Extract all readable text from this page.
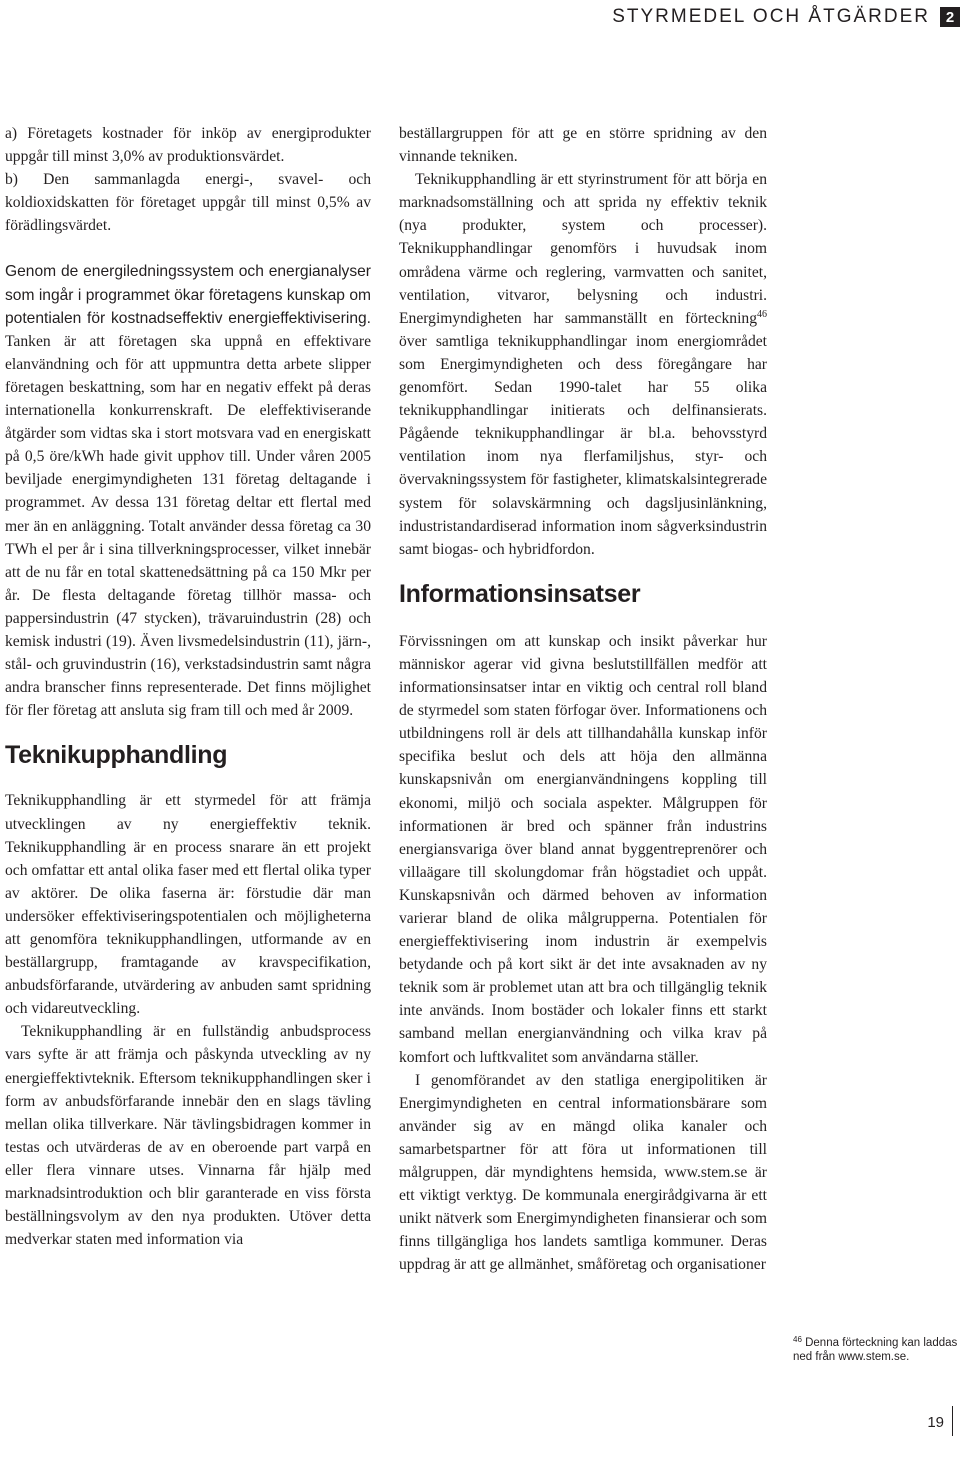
STYRMEDEL OCH ÅTGÄRDER	2

a) Företagets kostnader för inköp av energiprodukter uppgår till minst 3,0% av produktionsvärdet.

b) Den sammanlagda energi-, svavel- och koldioxidskatten för företaget uppgår till minst 0,5% av förädlingsvärdet.

Genom de energiledningssystem och energianalyser som ingår i programmet ökar företagens kunskap om potentialen för kostnadseffektiv energieffektivisering. Tanken är att företagen ska uppnå en effektivare elanvändning och för att uppmuntra detta arbete slipper företagen beskattning, som har en negativ effekt på deras internationella konkurrenskraft. De eleffektiviserande åtgärder som vidtas ska i stort motsvara vad en energiskatt på 0,5 öre/kWh hade givit upphov till. Under våren 2005 beviljade energimyndigheten 131 företag deltagande i programmet. Av dessa 131 företag deltar ett flertal med mer än en anläggning. Totalt använder dessa företag ca 30 TWh el per år i sina tillverkningsprocesser, vilket innebär att de nu får en total skattenedsättning på ca 150 Mkr per år. De flesta deltagande företag tillhör massa- och pappersindustrin (47 stycken), trävaruindustrin (28) och kemisk industri (19). Även livsmedelsindustrin (11), järn-, stål- och gruvindustrin (16), verkstadsindustrin samt några andra branscher finns representerade. Det finns möjlighet för fler företag att ansluta sig fram till och med år 2009.

Teknikupphandling

Teknikupphandling är ett styrmedel för att främja utvecklingen av ny energieffektiv teknik. Teknikupphandling är en process snarare än ett projekt och omfattar ett antal olika faser med ett flertal olika typer av aktörer. De olika faserna är: förstudie där man undersöker effektiviseringspotentialen och möjligheterna att genomföra teknikupphandlingen, utformande av en beställargrupp, framtagande av kravspecifikation, anbudsförfarande, utvärdering av anbuden samt spridning och vidareutveckling.

Teknikupphandling är en fullständig anbudsprocess vars syfte är att främja och påskynda utveckling av ny energieffektivteknik. Eftersom teknikupphandlingen sker i form av anbudsförfarande innebär den en slags tävling mellan olika tillverkare. När tävlingsbidragen kommer in testas och utvärderas de av en oberoende part varpå en eller flera vinnare utses. Vinnarna får hjälp med marknadsintroduktion och blir garanterade en viss första beställningsvolym av den nya produkten. Utöver detta medverkar staten med information via

beställargruppen för att ge en större spridning av den vinnande tekniken.

Teknikupphandling är ett styrinstrument för att börja en marknadsomställning och att sprida ny effektiv teknik (nya produkter, system och processer). Teknikupphandlingar genomförs i huvudsak inom områdena värme och reglering, varmvatten och sanitet, ventilation, vitvaror, belysning och industri. Energimyndigheten har sammanställt en förteckning$^{46}$ över samtliga teknikupphandlingar inom energiområdet som Energimyndigheten och dess föregångare har genomfört. Sedan 1990-talet har 55 olika teknikupphandlingar initierats och delfinansierats. Pågående teknikupphandlingar är bl.a. behovsstyrd ventilation inom nya flerfamiljshus, styr- och övervakningssystem för fastigheter, klimatskalsintegrerade system för solavskärmning och dagsljusinlänkning, industristandardiserad information inom sågverksindustrin samt biogas- och hybridfordon.

Informationsinsatser

Förvissningen om att kunskap och insikt påverkar hur människor agerar vid givna beslutstillfällen medför att informationsinsatser intar en viktig och central roll bland de styrmedel som staten förfogar över. Informationens och utbildningens roll är dels att tillhandahålla kunskap inför specifika beslut och dels att höja den allmänna kunskapsnivån om energianvändningens koppling till ekonomi, miljö och sociala aspekter. Målgruppen för informationen är bred och spänner från industrins energiansvariga över bland annat byggentreprenörer och villaägare till skolungdomar från högstadiet och uppåt. Kunskapsnivån och därmed behoven av information varierar bland de olika målgrupperna. Potentialen för energieffektivisering inom industrin är exempelvis betydande och på kort sikt är det inte avsaknaden av ny teknik som är problemet utan att bra och tillgänglig teknik inte används. Inom bostäder och lokaler finns ett starkt samband mellan energianvändning och vilka krav på komfort och luftkvalitet som användarna ställer.

I genomförandet av den statliga energipolitiken är Energimyndigheten en central informationsbärare som använder sig av en mängd olika kanaler och samarbetspartner för att föra ut informationen till målgruppen, där myndightens hemsida, www.stem.se är ett viktigt verktyg. De kommunala energirådgivarna är ett unikt nätverk som Energimyndigheten finansierar och som finns tillgängliga hos landets samtliga kommuner. Deras uppdrag är att ge allmänhet, småföretag och organisationer

$^{46}$ Denna förteckning kan laddas ned från www.stem.se.
19
